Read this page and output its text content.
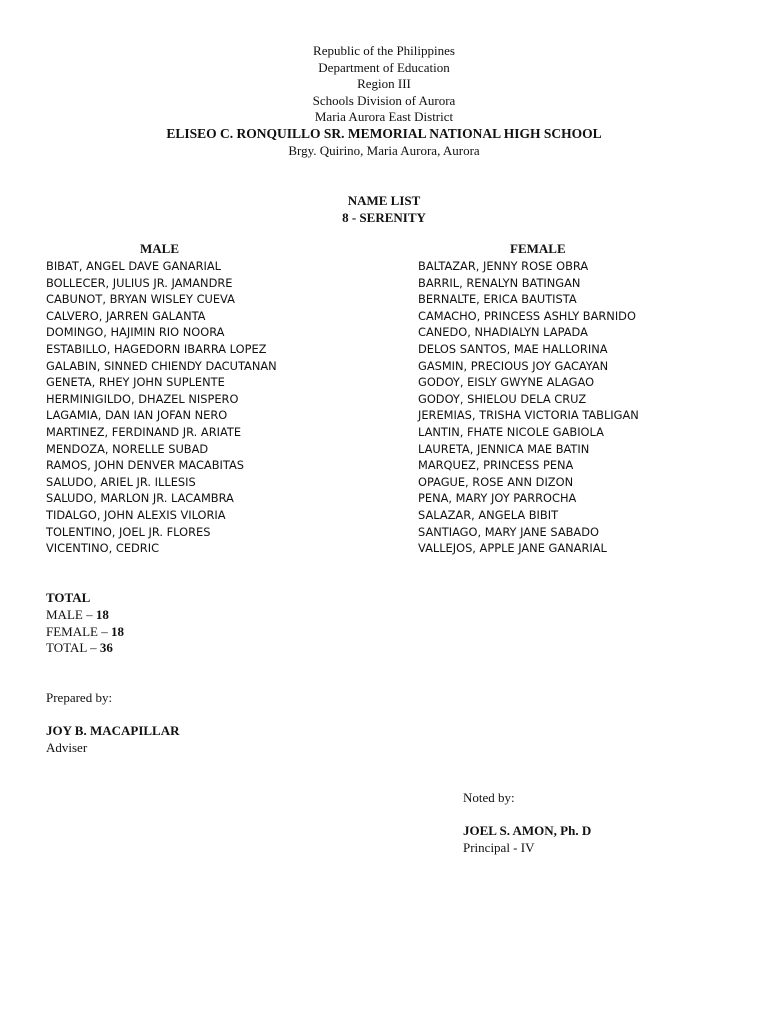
Republic of the Philippines
Department of Education
Region III
Schools Division of Aurora
Maria Aurora East District
ELISEO C. RONQUILLO SR. MEMORIAL NATIONAL HIGH SCHOOL
Brgy. Quirino, Maria Aurora, Aurora
NAME LIST
8 - SERENITY
MALE	FEMALE
BIBAT, ANGEL DAVE GANARIAL
BOLLECER, JULIUS JR. JAMANDRE
CABUNOT, BRYAN WISLEY CUEVA
CALVERO, JARREN GALANTA
DOMINGO, HAJIMIN RIO NOORA
ESTABILLO, HAGEDORN IBARRA LOPEZ
GALABIN, SINNED CHIENDY DACUTANAN
GENETA, RHEY JOHN SUPLENTE
HERMINIGILDO, DHAZEL NISPERO
LAGAMIA, DAN IAN JOFAN NERO
MARTINEZ, FERDINAND JR. ARIATE
MENDOZA, NORELLE SUBAD
RAMOS, JOHN DENVER MACABITAS
SALUDO, ARIEL JR. ILLESIS
SALUDO, MARLON JR. LACAMBRA
TIDALGO, JOHN ALEXIS VILORIA
TOLENTINO, JOEL JR. FLORES
VICENTINO, CEDRIC
BALTAZAR, JENNY ROSE OBRA
BARRIL, RENALYN BATINGAN
BERNALTE, ERICA BAUTISTA
CAMACHO, PRINCESS ASHLY BARNIDO
CANEDO, NHADIALYN LAPADA
DELOS SANTOS, MAE HALLORINA
GASMIN, PRECIOUS JOY GACAYAN
GODOY, EISLY GWYNE ALAGAO
GODOY, SHIELOU DELA CRUZ
JEREMIAS, TRISHA VICTORIA TABLIGAN
LANTIN, FHATE NICOLE GABIOLA
LAURETA, JENNICA MAE BATIN
MARQUEZ, PRINCESS PENA
OPAGUE, ROSE ANN DIZON
PENA, MARY JOY PARROCHA
SALAZAR, ANGELA BIBIT
SANTIAGO, MARY JANE SABADO
VALLEJOS, APPLE JANE GANARIAL
TOTAL
MALE – 18
FEMALE – 18
TOTAL – 36
Prepared by:
JOY B. MACAPILLAR
Adviser
Noted by:
JOEL S. AMON, Ph. D
Principal - IV
